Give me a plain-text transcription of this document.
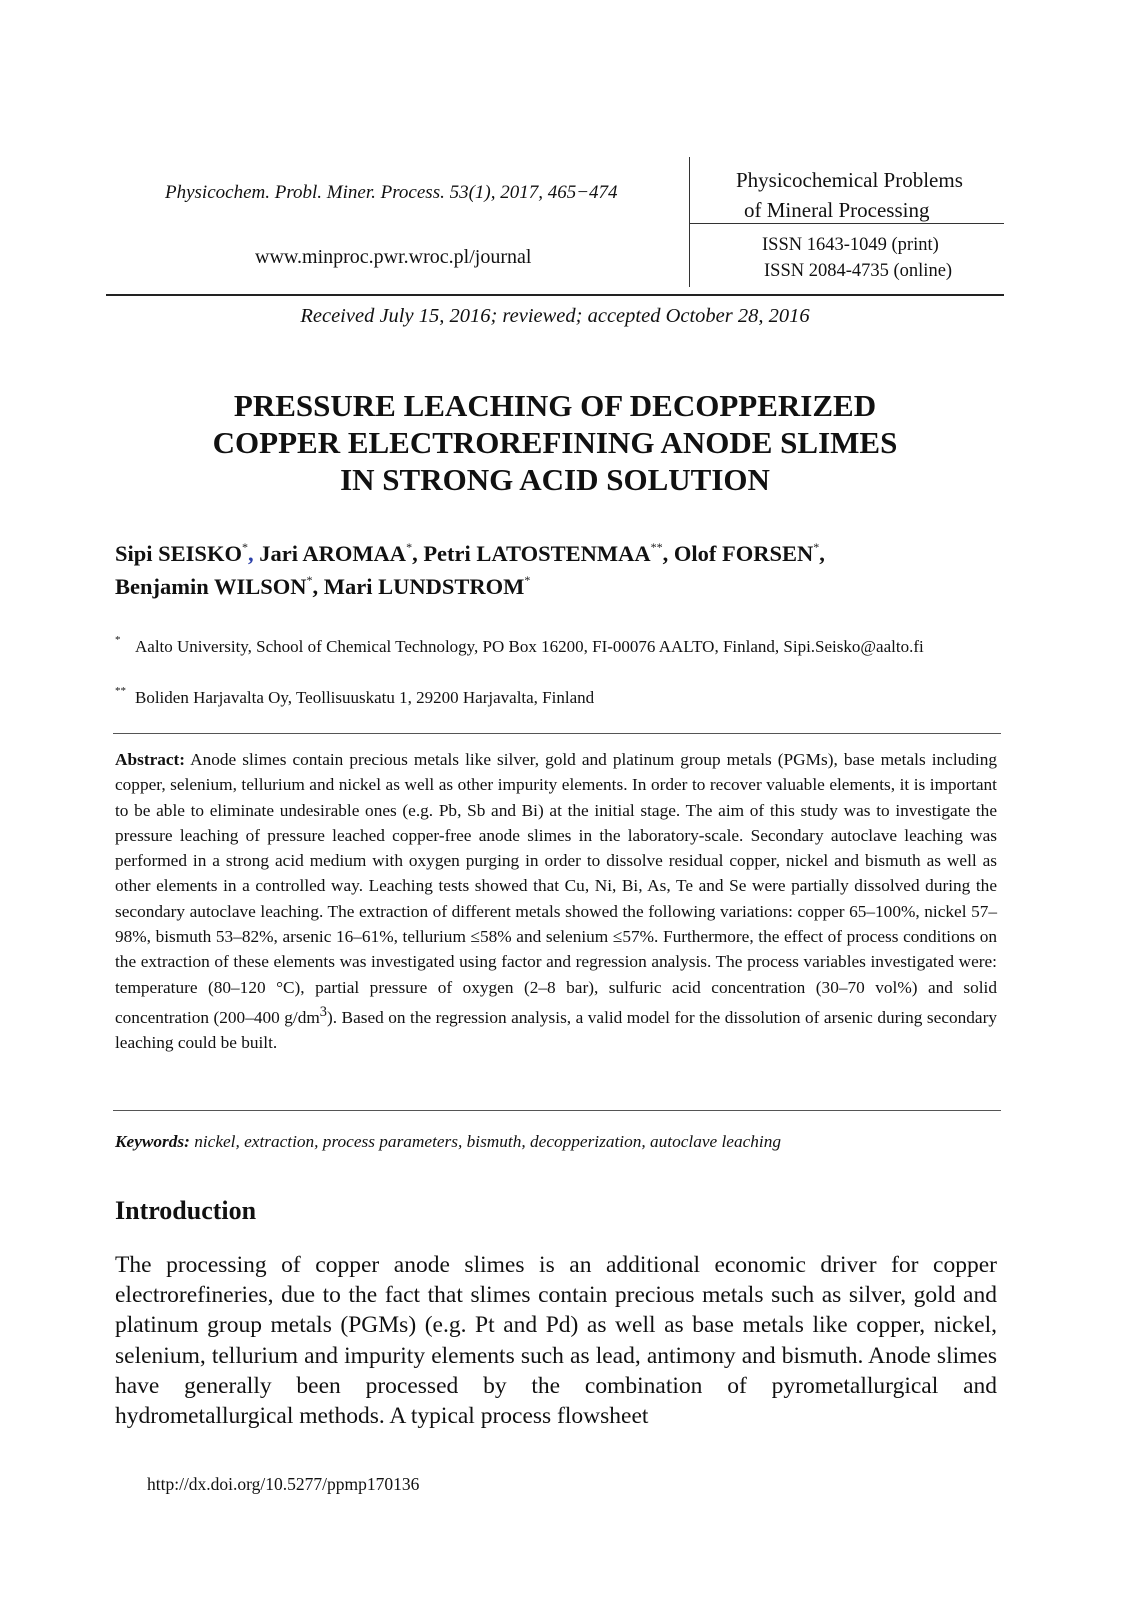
Physicochem. Probl. Miner. Process. 53(1), 2017, 465−474
www.minproc.pwr.wroc.pl/journal
Physicochemical Problems
of Mineral Processing
ISSN 1643-1049 (print)
ISSN 2084-4735 (online)
Received July 15, 2016; reviewed; accepted October 28, 2016
PRESSURE LEACHING OF DECOPPERIZED
COPPER ELECTROREFINING ANODE SLIMES
IN STRONG ACID SOLUTION
Sipi SEISKO*, Jari AROMAA*, Petri LATOSTENMAA**, Olof FORSEN*,
Benjamin WILSON*, Mari LUNDSTROM*
* Aalto University, School of Chemical Technology, PO Box 16200, FI-00076 AALTO, Finland, Sipi.Seisko@aalto.fi
** Boliden Harjavalta Oy, Teollisuuskatu 1, 29200 Harjavalta, Finland
Abstract: Anode slimes contain precious metals like silver, gold and platinum group metals (PGMs), base metals including copper, selenium, tellurium and nickel as well as other impurity elements. In order to recover valuable elements, it is important to be able to eliminate undesirable ones (e.g. Pb, Sb and Bi) at the initial stage. The aim of this study was to investigate the pressure leaching of pressure leached copper-free anode slimes in the laboratory-scale. Secondary autoclave leaching was performed in a strong acid medium with oxygen purging in order to dissolve residual copper, nickel and bismuth as well as other elements in a controlled way. Leaching tests showed that Cu, Ni, Bi, As, Te and Se were partially dissolved during the secondary autoclave leaching. The extraction of different metals showed the following variations: copper 65–100%, nickel 57–98%, bismuth 53–82%, arsenic 16–61%, tellurium ≤58% and selenium ≤57%. Furthermore, the effect of process conditions on the extraction of these elements was investigated using factor and regression analysis. The process variables investigated were: temperature (80–120 °C), partial pressure of oxygen (2–8 bar), sulfuric acid concentration (30–70 vol%) and solid concentration (200–400 $g/dm^3$). Based on the regression analysis, a valid model for the dissolution of arsenic during secondary leaching could be built.
Keywords: nickel, extraction, process parameters, bismuth, decopperization, autoclave leaching
Introduction
The processing of copper anode slimes is an additional economic driver for copper electrorefineries, due to the fact that slimes contain precious metals such as silver, gold and platinum group metals (PGMs) (e.g. Pt and Pd) as well as base metals like copper, nickel, selenium, tellurium and impurity elements such as lead, antimony and bismuth. Anode slimes have generally been processed by the combination of pyrometallurgical and hydrometallurgical methods. A typical process flowsheet
http://dx.doi.org/10.5277/ppmp170136
